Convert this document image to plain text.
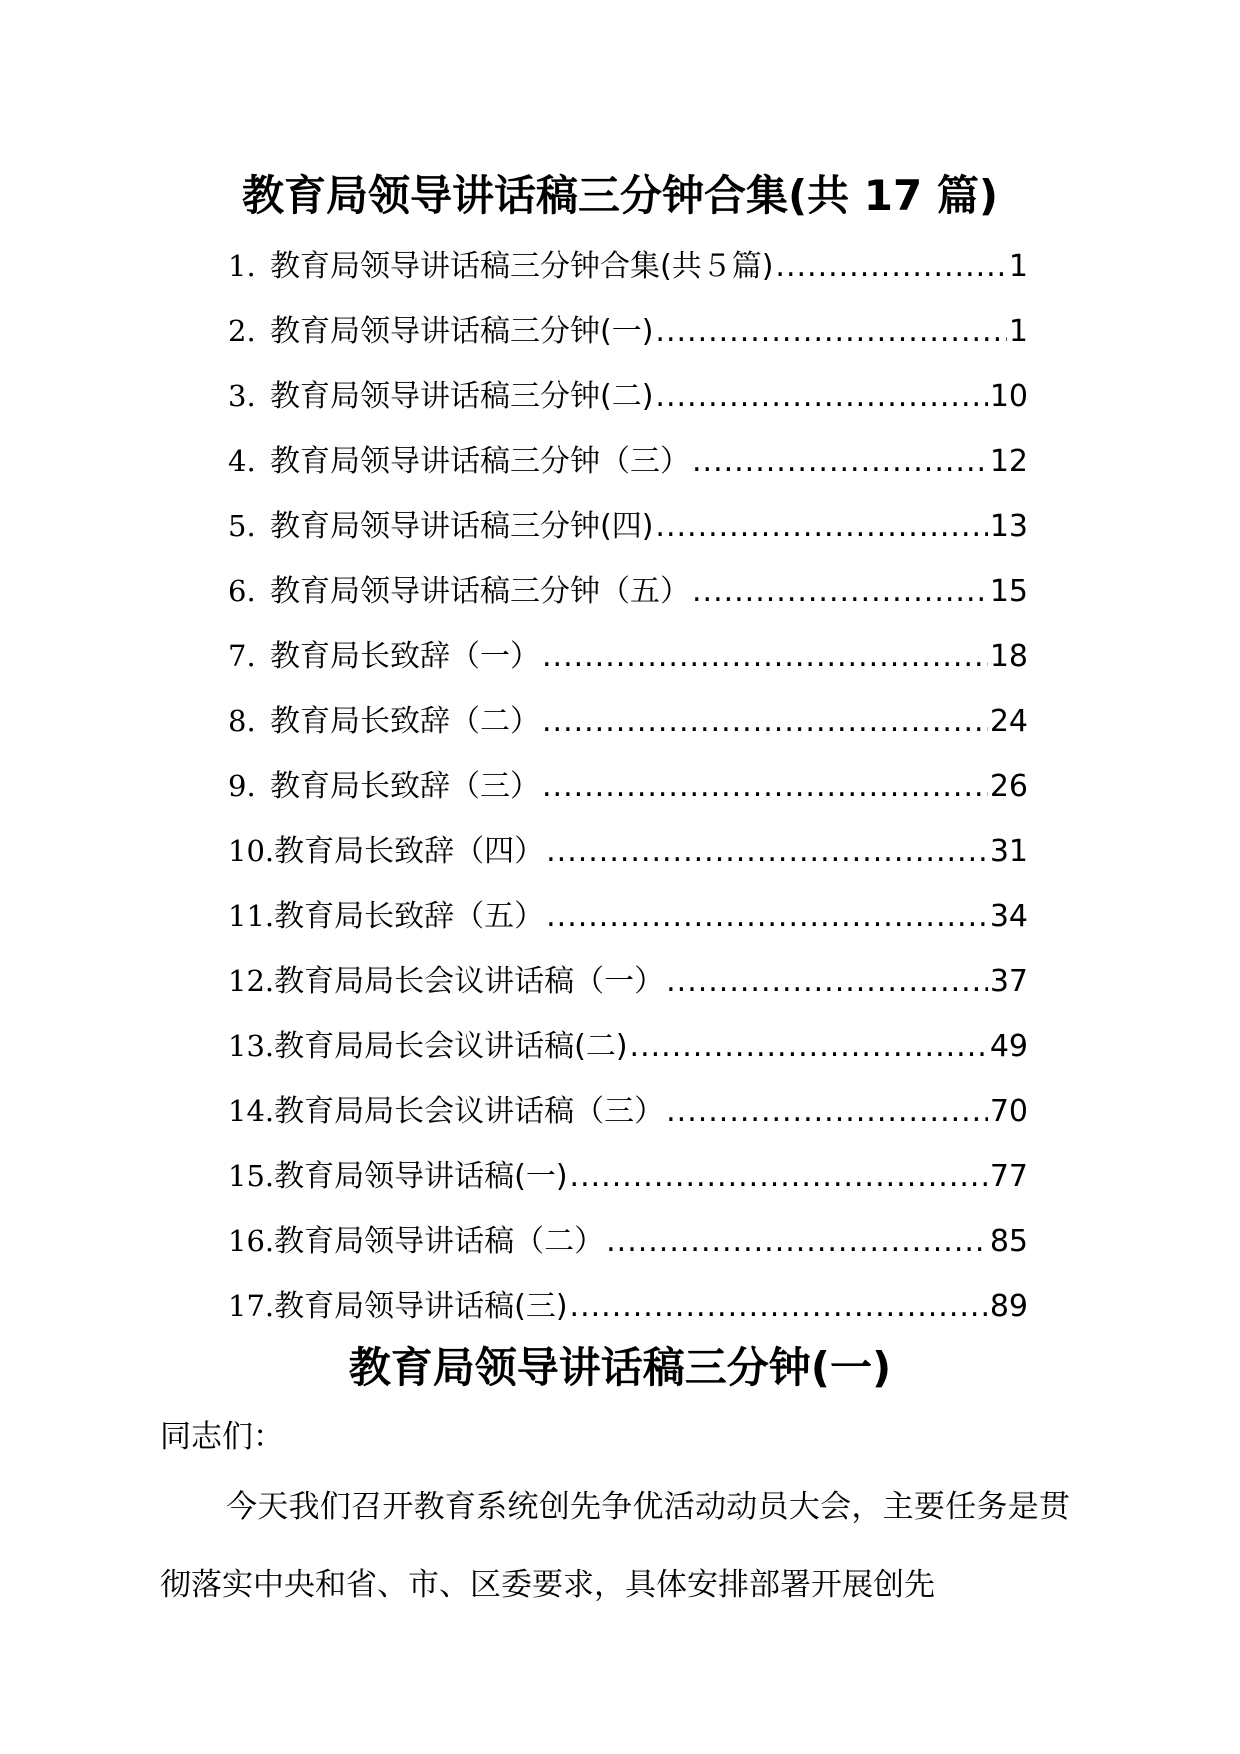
教育局领导讲话稿三分钟合集(共 17 篇)
1. 教育局领导讲话稿三分钟合集(共５篇) .....	1
2. 教育局领导讲话稿三分钟(一) .....	1
3. 教育局领导讲话稿三分钟(二) .....	10
4. 教育局领导讲话稿三分钟（三） .....	12
5. 教育局领导讲话稿三分钟(四) .....	13
6. 教育局领导讲话稿三分钟（五） .....	15
7. 教育局长致辞（一） .....	18
8. 教育局长致辞（二） .....	24
9. 教育局长致辞（三） .....	26
10. 教育局长致辞（四） .....	31
11. 教育局长致辞（五） .....	34
12. 教育局局长会议讲话稿（一） .....	37
13. 教育局局长会议讲话稿(二) .....	49
14. 教育局局长会议讲话稿（三） .....	70
15. 教育局领导讲话稿(一) .....	77
16. 教育局领导讲话稿（二） .....	85
17. 教育局领导讲话稿(三) .....	89
教育局领导讲话稿三分钟(一)
同志们：

今天我们召开教育系统创先争优活动动员大会，主要任务是贯彻落实中央和省、市、区委要求，具体安排部署开展创先
